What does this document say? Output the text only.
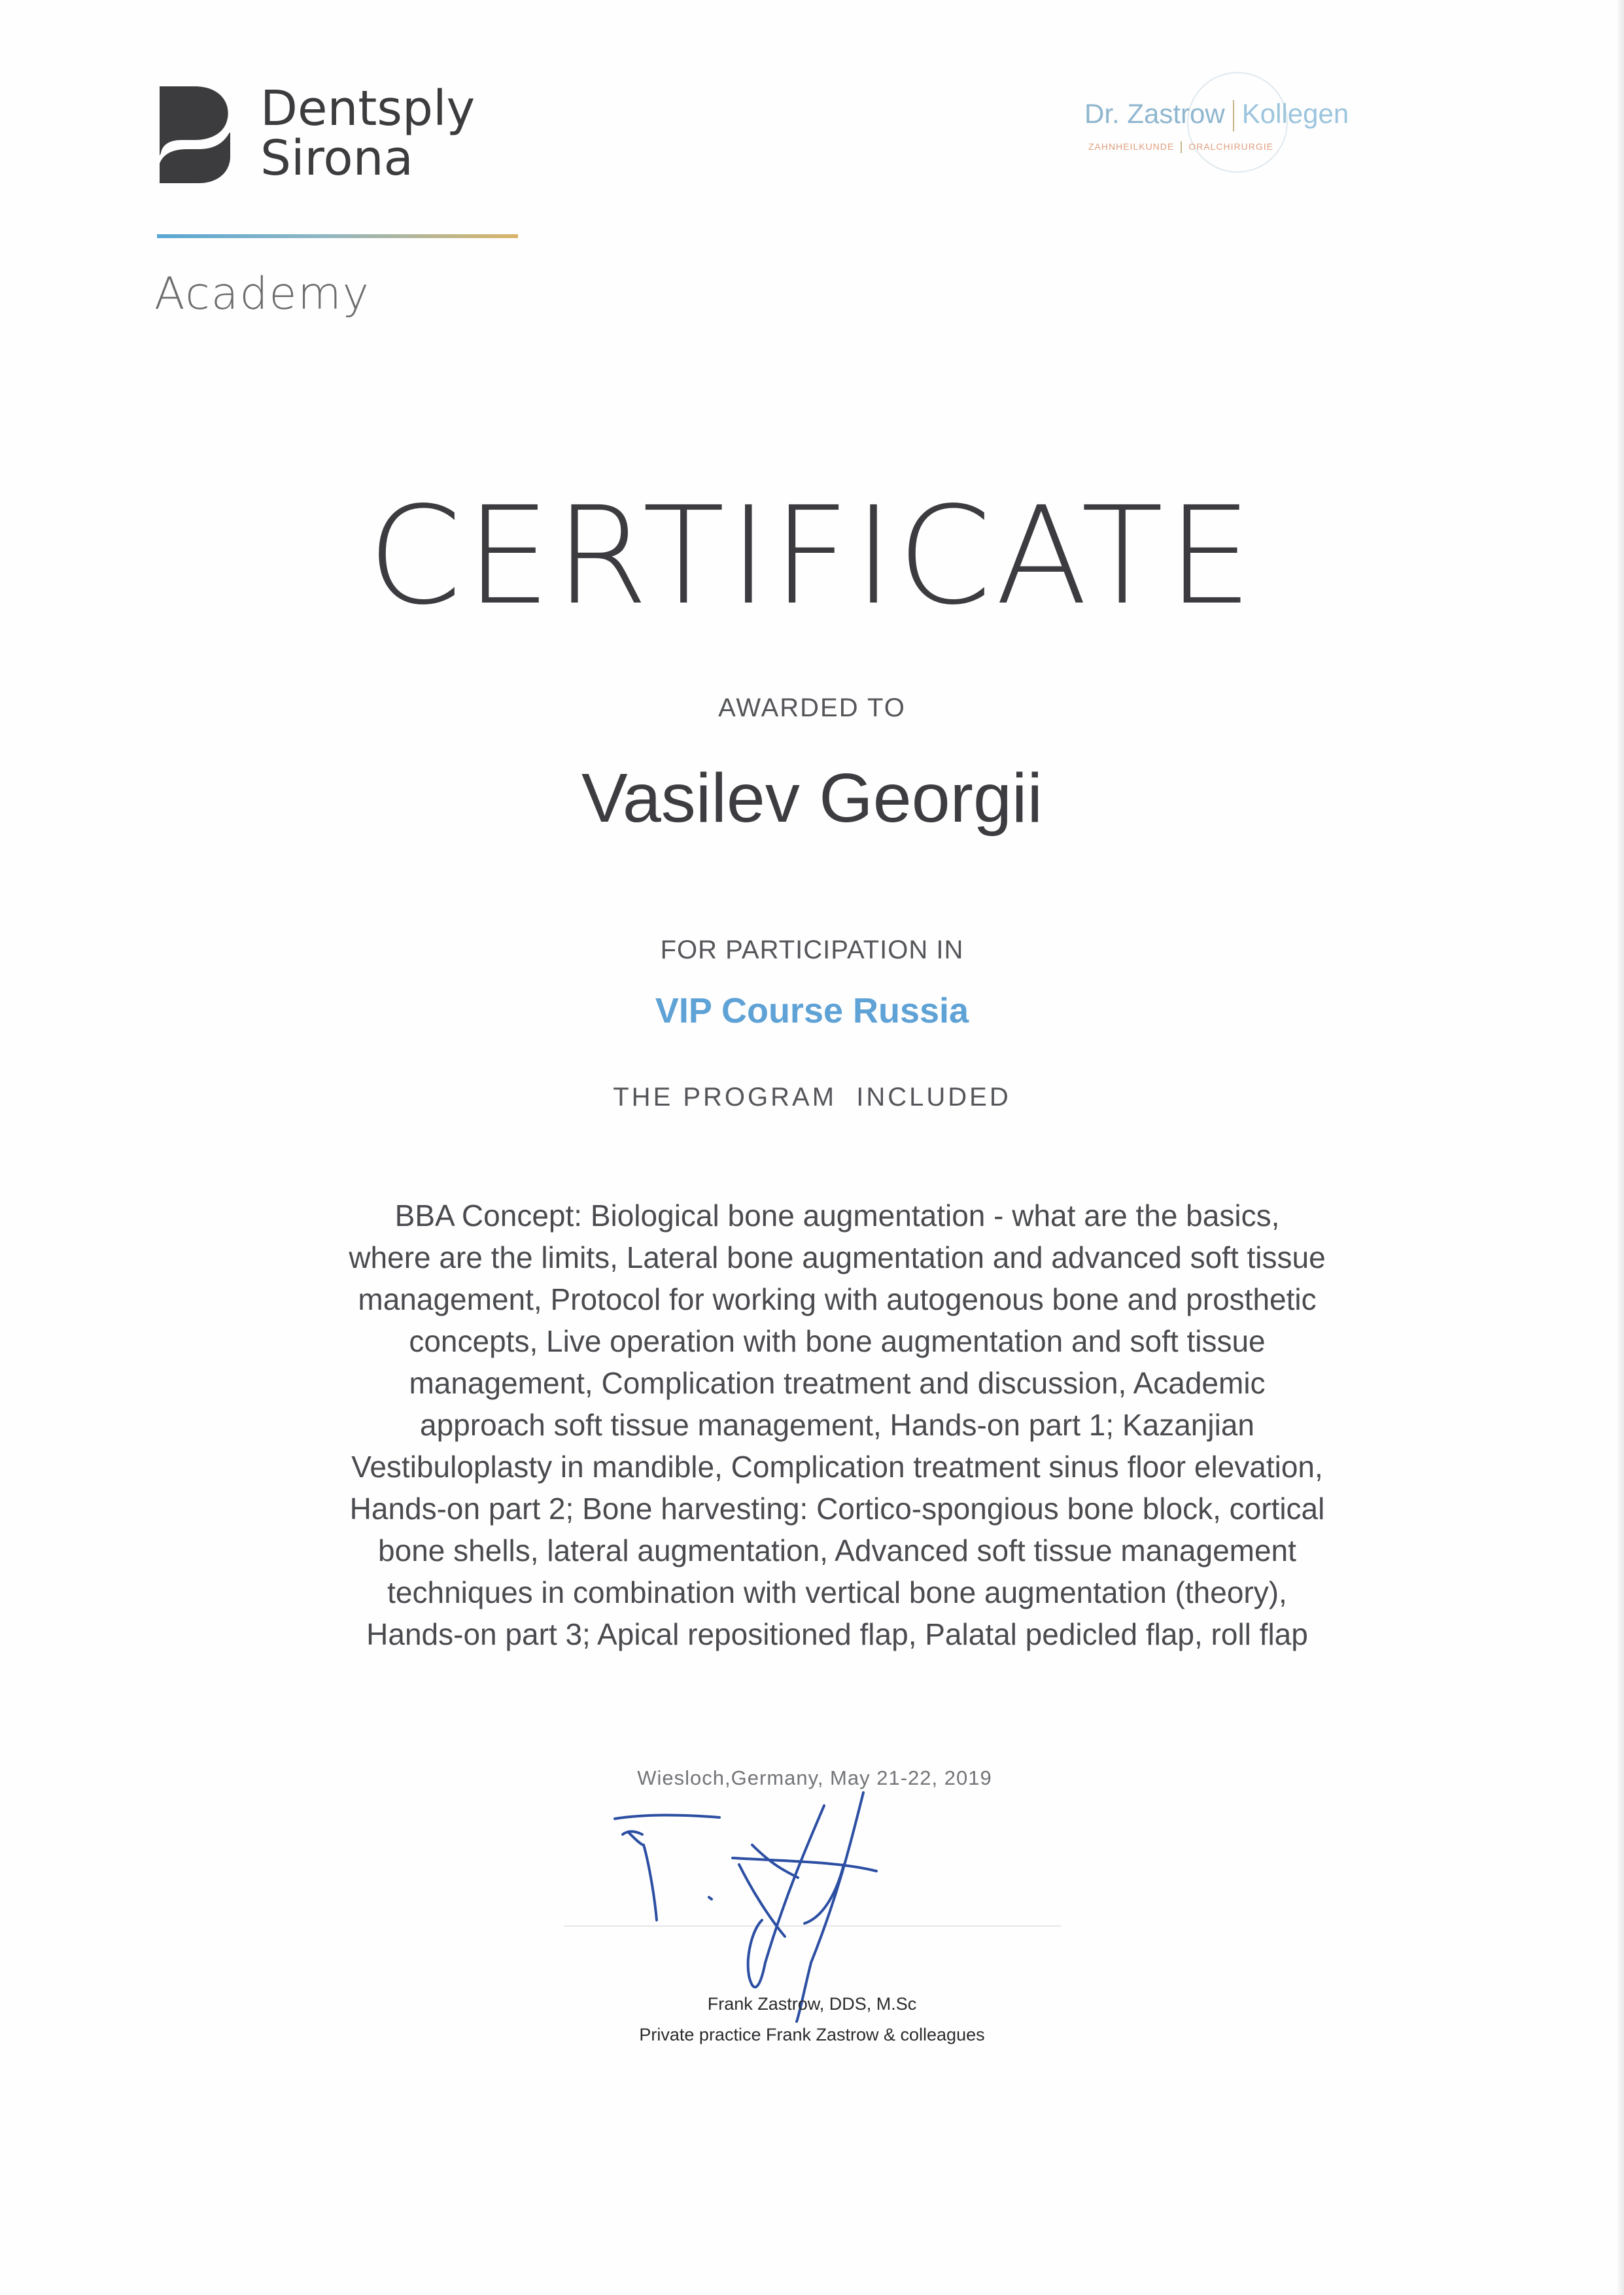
Dentsply
Sirona
Academy
Dr. Zastrow Kollegen
ZAHNHEILKUNDE ORALCHIRURGIE
CERTIFICATE
AWARDED TO
Vasilev Georgii
FOR PARTICIPATION IN
VIP Course Russia
THE PROGRAM  INCLUDED
BBA Concept: Biological bone augmentation - what are the basics,
where are the limits, Lateral bone augmentation and advanced soft tissue
management, Protocol for working with autogenous bone and prosthetic
concepts, Live operation with bone augmentation and soft tissue
management, Complication treatment and discussion, Academic
approach soft tissue management, Hands-on part 1; Kazanjian
Vestibuloplasty in mandible, Complication treatment sinus floor elevation,
Hands-on part 2; Bone harvesting: Cortico-spongious bone block, cortical
bone shells, lateral augmentation, Advanced soft tissue management
techniques in combination with vertical bone augmentation (theory),
Hands-on part 3; Apical repositioned flap, Palatal pedicled flap, roll flap
Wiesloch,Germany, May 21-22, 2019
Frank Zastrow, DDS, M.Sc
Private practice Frank Zastrow & colleagues
